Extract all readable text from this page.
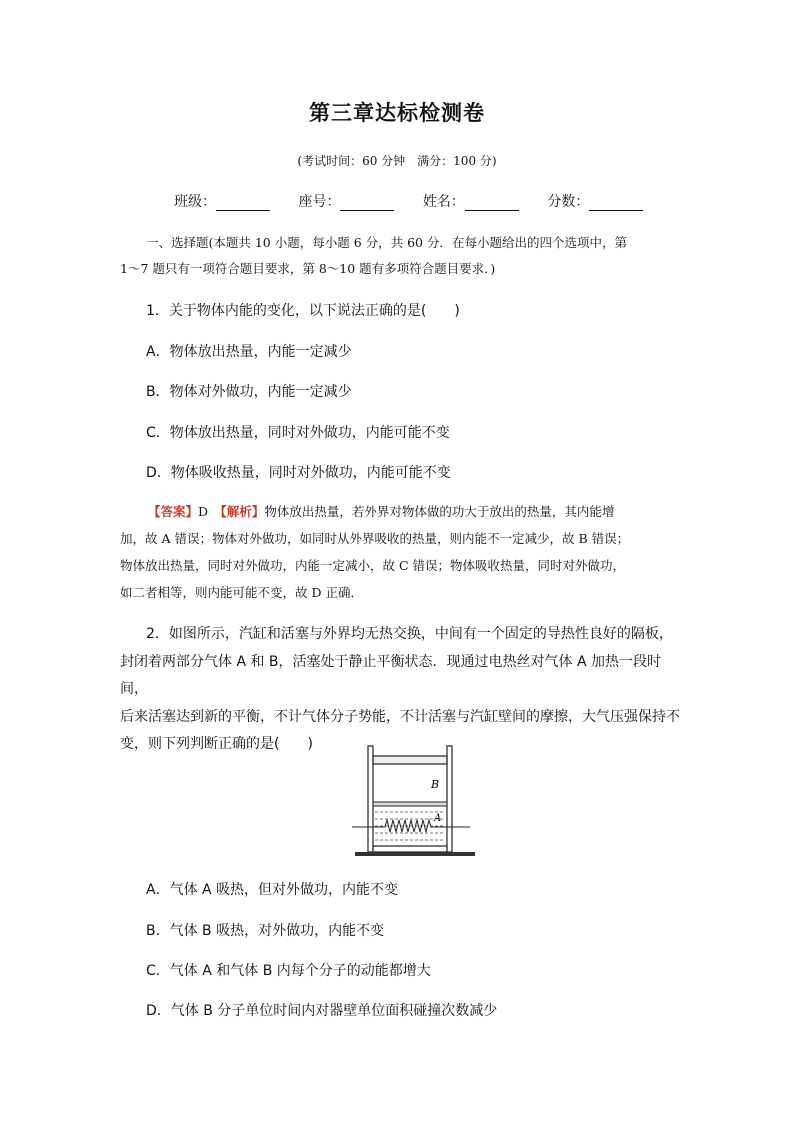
第三章达标检测卷
(考试时间：60 分钟　满分：100 分)
班级：	座号：	姓名：	分数：
一、选择题(本题共 10 小题，每小题 6 分，共 60 分．在每小题给出的四个选项中，第
1～7 题只有一项符合题目要求，第 8～10 题有多项符合题目要求．)
1．关于物体内能的变化，以下说法正确的是(　　)
A．物体放出热量，内能一定减少
B．物体对外做功，内能一定减少
C．物体放出热量，同时对外做功，内能可能不变
D．物体吸收热量，同时对外做功，内能可能不变

【答案】D　【解析】物体放出热量，若外界对物体做的功大于放出的热量，其内能增

加，故 A 错误；物体对外做功，如同时从外界吸收的热量，则内能不一定减少，故 B 错误；

物体放出热量，同时对外做功，内能一定减小，故 C 错误；物体吸收热量，同时对外做功，

如二者相等，则内能可能不变，故 D 正确．

2．如图所示，汽缸和活塞与外界均无热交换，中间有一个固定的导热性良好的隔板，

封闭着两部分气体 A 和 B，活塞处于静止平衡状态．现通过电热丝对气体 A 加热一段时间，

后来活塞达到新的平衡，不计气体分子势能，不计活塞与汽缸壁间的摩擦，大气压强保持不

变，则下列判断正确的是(　　)

B
A
A．气体 A 吸热，但对外做功，内能不变
B．气体 B 吸热，对外做功，内能不变
C．气体 A 和气体 B 内每个分子的动能都增大
D．气体 B 分子单位时间内对器壁单位面积碰撞次数减少
